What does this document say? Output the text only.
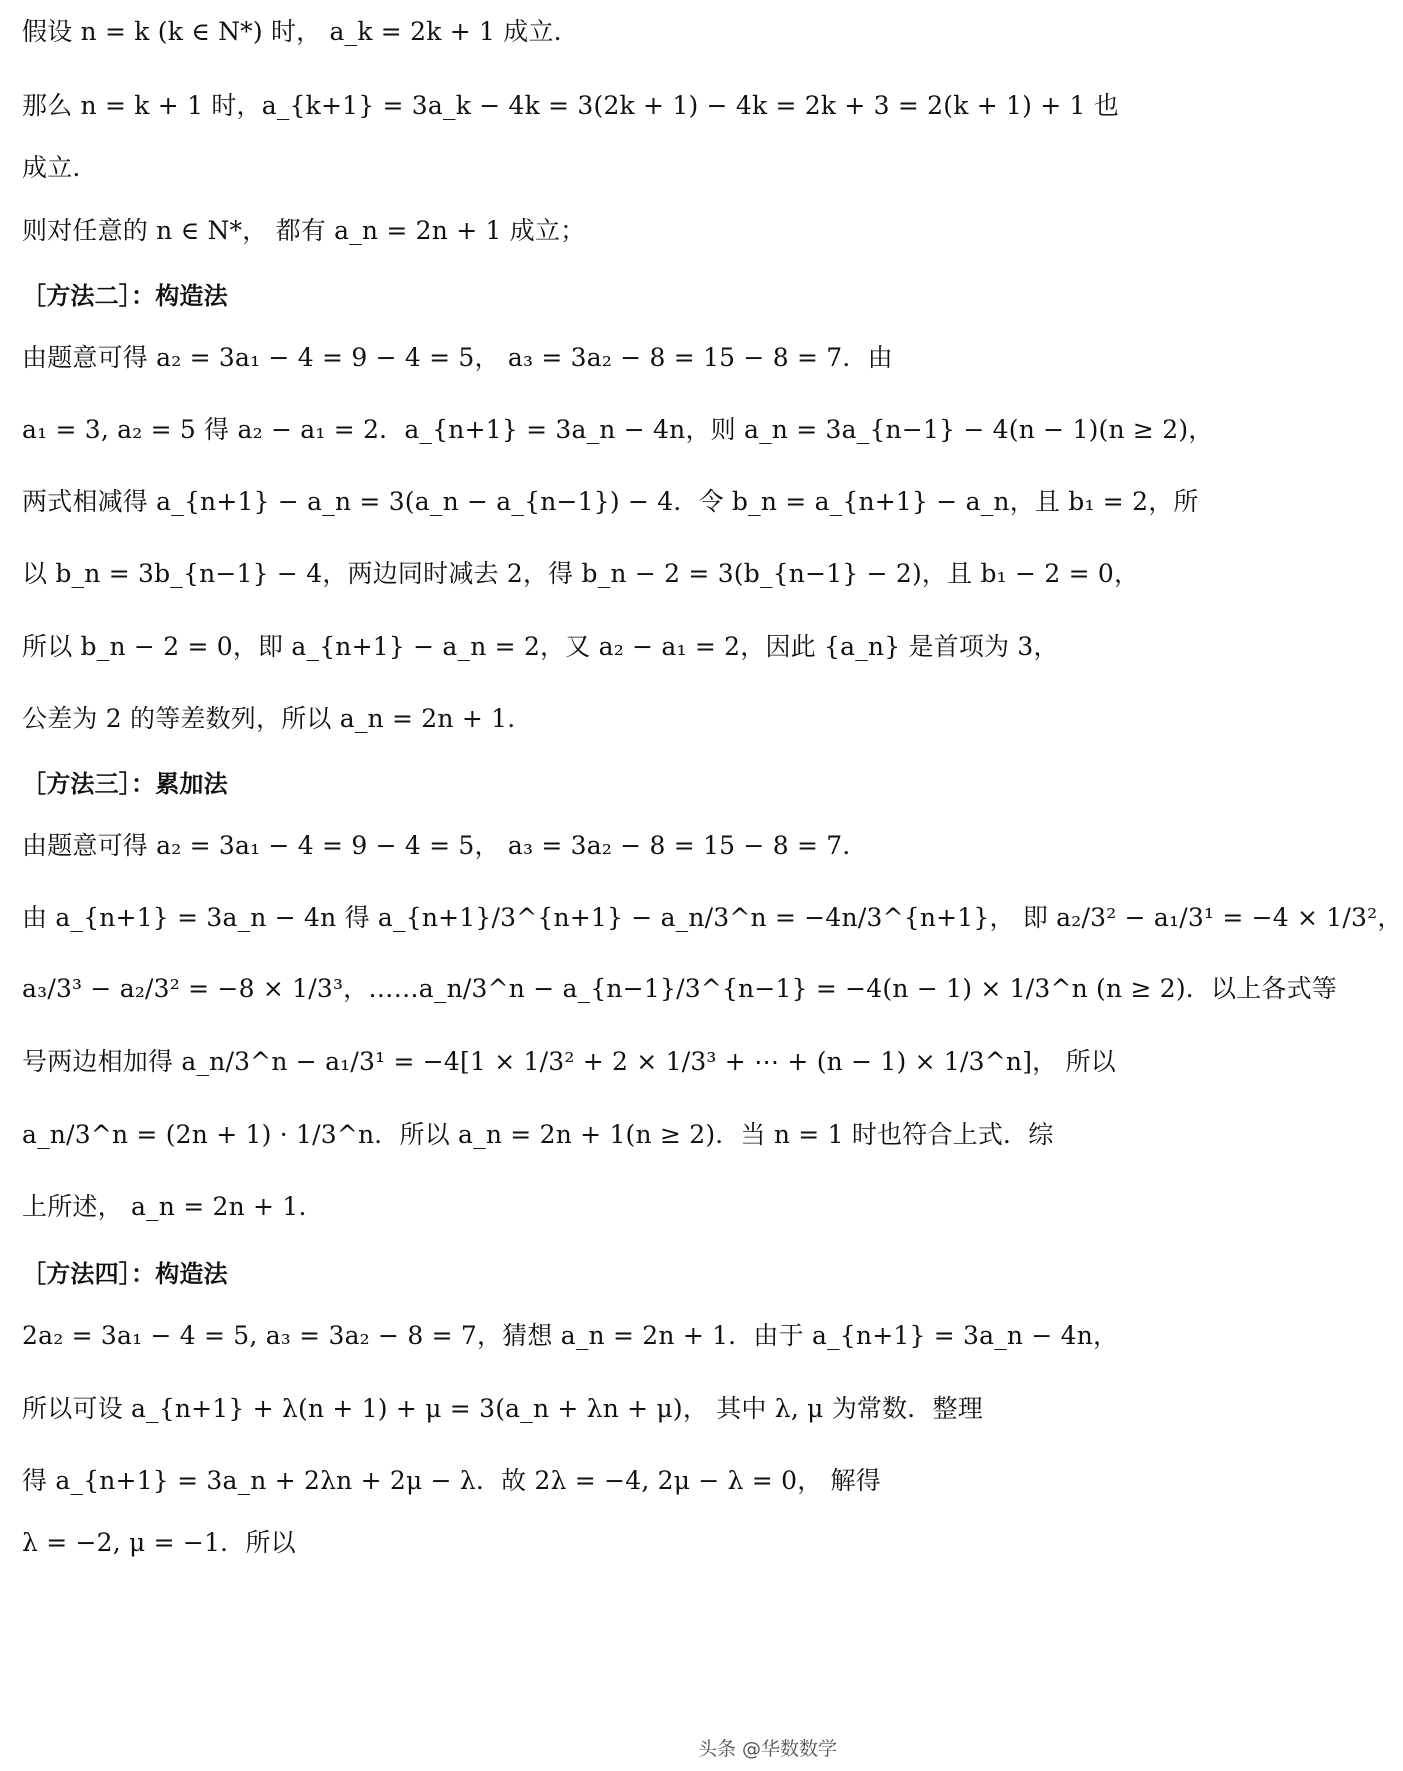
假设 n = k (k ∈ N*) 时， a_k = 2k + 1 成立.
那么 n = k + 1 时，a_{k+1} = 3a_k − 4k = 3(2k + 1) − 4k = 2k + 3 = 2(k + 1) + 1 也
成立.
则对任意的 n ∈ N*， 都有 a_n = 2n + 1 成立；
［方法二］：构造法
由题意可得 a₂ = 3a₁ − 4 = 9 − 4 = 5， a₃ = 3a₂ − 8 = 15 − 8 = 7．由
a₁ = 3, a₂ = 5 得 a₂ − a₁ = 2．a_{n+1} = 3a_n − 4n，则 a_n = 3a_{n−1} − 4(n − 1)(n ≥ 2)，
两式相减得 a_{n+1} − a_n = 3(a_n − a_{n−1}) − 4．令 b_n = a_{n+1} − a_n，且 b₁ = 2，所
以 b_n = 3b_{n−1} − 4，两边同时减去 2，得 b_n − 2 = 3(b_{n−1} − 2)，且 b₁ − 2 = 0，
所以 b_n − 2 = 0，即 a_{n+1} − a_n = 2，又 a₂ − a₁ = 2，因此 {a_n} 是首项为 3，
公差为 2 的等差数列，所以 a_n = 2n + 1.
［方法三］：累加法
由题意可得 a₂ = 3a₁ − 4 = 9 − 4 = 5， a₃ = 3a₂ − 8 = 15 − 8 = 7．
由 a_{n+1} = 3a_n − 4n 得 a_{n+1}/3^{n+1} − a_n/3^n = −4n/3^{n+1}， 即 a₂/3² − a₁/3¹ = −4 × 1/3²，
a₃/3³ − a₂/3² = −8 × 1/3³，……a_n/3^n − a_{n−1}/3^{n−1} = −4(n − 1) × 1/3^n (n ≥ 2)．以上各式等
号两边相加得 a_n/3^n − a₁/3¹ = −4[1 × 1/3² + 2 × 1/3³ + ⋯ + (n − 1) × 1/3^n]， 所以
a_n/3^n = (2n + 1) · 1/3^n．所以 a_n = 2n + 1(n ≥ 2)．当 n = 1 时也符合上式．综
上所述， a_n = 2n + 1.
［方法四］：构造法
2a₂ = 3a₁ − 4 = 5, a₃ = 3a₂ − 8 = 7，猜想 a_n = 2n + 1．由于 a_{n+1} = 3a_n − 4n，
所以可设 a_{n+1} + λ(n + 1) + μ = 3(a_n + λn + μ)， 其中 λ, μ 为常数．整理
得 a_{n+1} = 3a_n + 2λn + 2μ − λ．故 2λ = −4, 2μ − λ = 0， 解得
λ = −2, μ = −1．所以
头条 @华数数学
